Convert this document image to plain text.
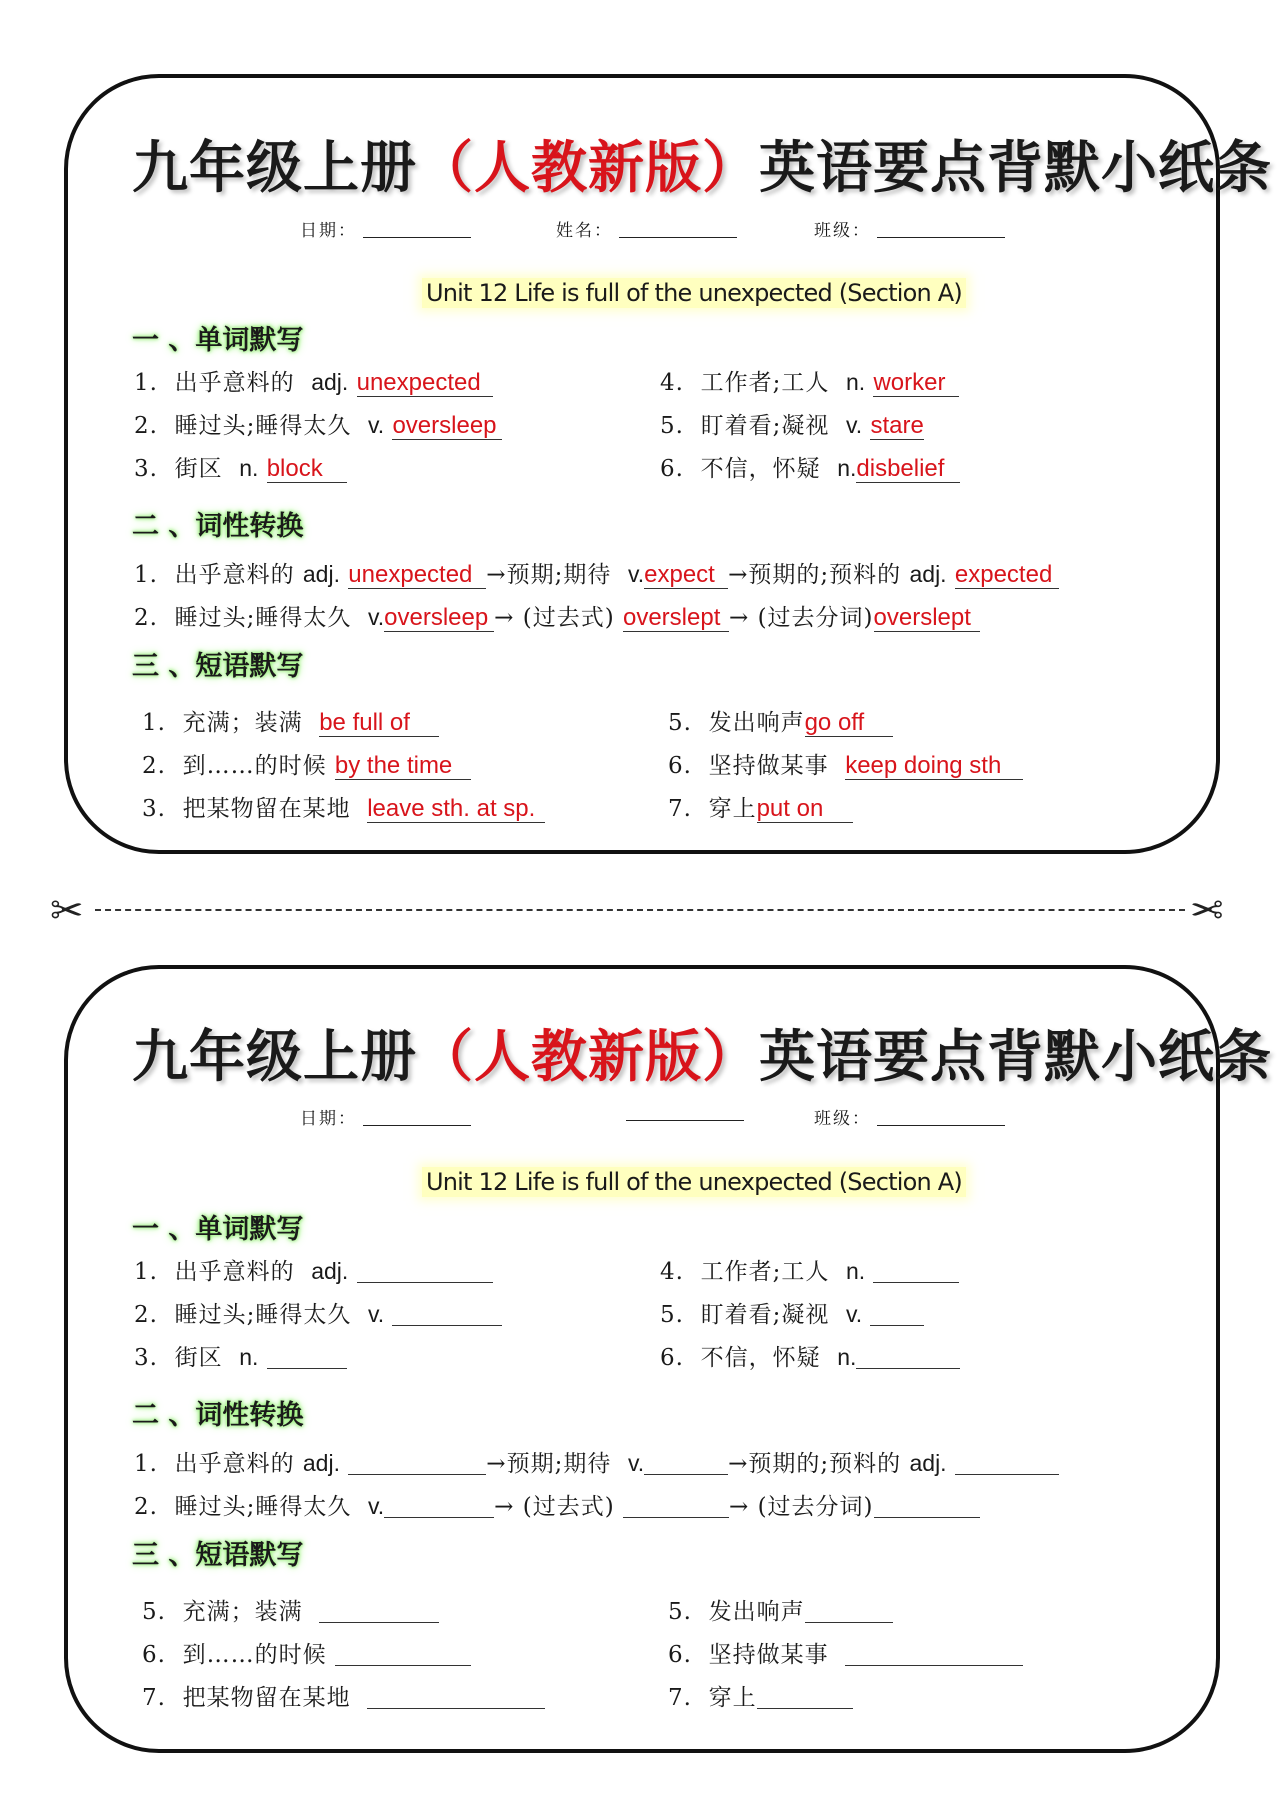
九年级上册（人教新版）英语要点背默小纸条
日期：	姓名：	班级：
Unit 12 Life is full of the unexpected (Section A)
一 、单词默写
1. 出乎意料的 adj. unexpected
2. 睡过头;睡得太久 v. oversleep
3. 街区 n. block
4. 工作者;工人 n. worker
5. 盯着看;凝视 v. stare
6. 不信，怀疑 n.disbelief
二 、词性转换
1. 出乎意料的 adj. unexpected →预期;期待 v.expect →预期的;预料的 adj. expected
2. 睡过头;睡得太久 v.oversleep → (过去式) overslept → (过去分词)overslept
三 、短语默写
1. 充满；装满 be full of
2. 到……的时候 by the time
3. 把某物留在某地 leave sth. at sp.
5. 发出响声go off
6. 坚持做某事 keep doing sth
7. 穿上put on
✂	✂
九年级上册（人教新版）英语要点背默小纸条
日期：	班级：
Unit 12 Life is full of the unexpected (Section A)
一 、单词默写
1. 出乎意料的 adj.
2. 睡过头;睡得太久 v.
3. 街区 n.
4. 工作者;工人 n.
5. 盯着看;凝视 v.
6. 不信，怀疑 n.
二 、词性转换
1. 出乎意料的 adj.	→预期;期待 v.	→预期的;预料的 adj.
2. 睡过头;睡得太久 v.	→ (过去式)	→ (过去分词)
三 、短语默写
5. 充满；装满
6. 到……的时候
7. 把某物留在某地
5. 发出响声
6. 坚持做某事
7. 穿上
